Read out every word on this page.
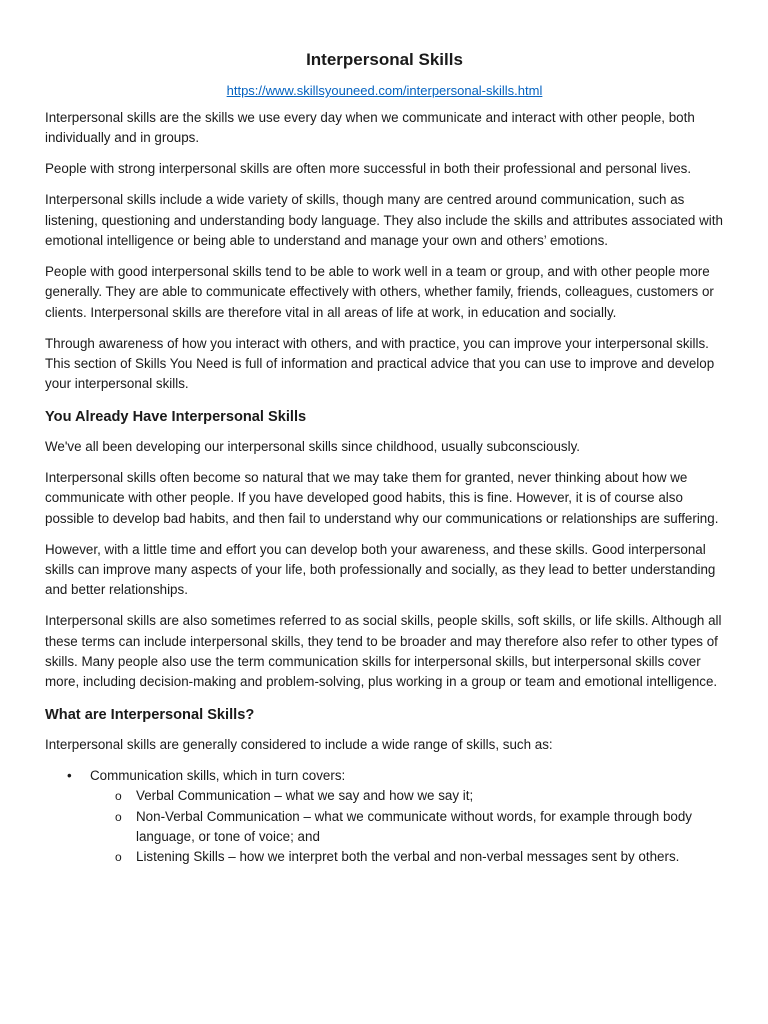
Interpersonal Skills
https://www.skillsyouneed.com/interpersonal-skills.html

Interpersonal skills are the skills we use every day when we communicate and interact with other people, both individually and in groups.

People with strong interpersonal skills are often more successful in both their professional and personal lives.

Interpersonal skills include a wide variety of skills, though many are centred around communication, such as listening, questioning and understanding body language. They also include the skills and attributes associated with emotional intelligence or being able to understand and manage your own and others’ emotions.

People with good interpersonal skills tend to be able to work well in a team or group, and with other people more generally. They are able to communicate effectively with others, whether family, friends, colleagues, customers or clients. Interpersonal skills are therefore vital in all areas of life at work, in education and socially.

Through awareness of how you interact with others, and with practice, you can improve your interpersonal skills. This section of Skills You Need is full of information and practical advice that you can use to improve and develop your interpersonal skills.

You Already Have Interpersonal Skills

We've all been developing our interpersonal skills since childhood, usually subconsciously.

Interpersonal skills often become so natural that we may take them for granted, never thinking about how we communicate with other people. If you have developed good habits, this is fine. However, it is of course also possible to develop bad habits, and then fail to understand why our communications or relationships are suffering.

However, with a little time and effort you can develop both your awareness, and these skills. Good interpersonal skills can improve many aspects of your life, both professionally and socially, as they lead to better understanding and better relationships.

Interpersonal skills are also sometimes referred to as social skills, people skills, soft skills, or life skills. Although all these terms can include interpersonal skills, they tend to be broader and may therefore also refer to other types of skills. Many people also use the term communication skills for interpersonal skills, but interpersonal skills cover more, including decision-making and problem-solving, plus working in a group or team and emotional intelligence.

What are Interpersonal Skills?

Interpersonal skills are generally considered to include a wide range of skills, such as:

• Communication skills, which in turn covers:
o Verbal Communication – what we say and how we say it;
o Non-Verbal Communication – what we communicate without words, for example through body language, or tone of voice; and
o Listening Skills – how we interpret both the verbal and non-verbal messages sent by others.
